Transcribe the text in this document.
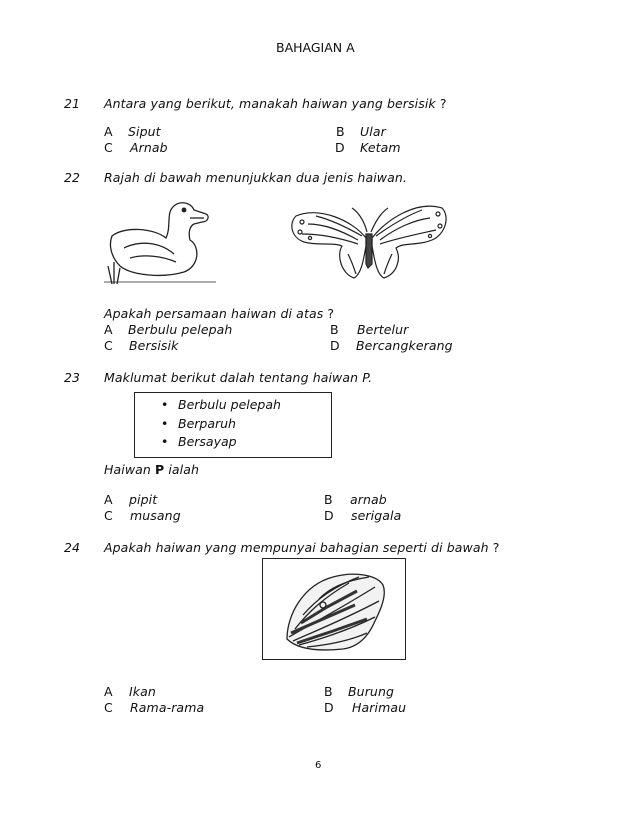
BAHAGIAN A
21 Antara yang berikut, manakah haiwan yang bersisik ?
A Siput	B Ular
C Arnab	D Ketam
22 Rajah di bawah menunjukkan dua jenis haiwan.
Apakah persamaan haiwan di atas ?
A Berbulu pelepah	B Bertelur
C Bersisik	D Bercangkerang
23 Maklumat berikut dalah tentang haiwan P.
• Berbulu pelepah
• Berparuh
• Bersayap
Haiwan P ialah
A pipit	B arnab
C musang	D serigala
24 Apakah haiwan yang mempunyai bahagian seperti di bawah ?
A Ikan	B Burung
C Rama-rama	D Harimau
6
